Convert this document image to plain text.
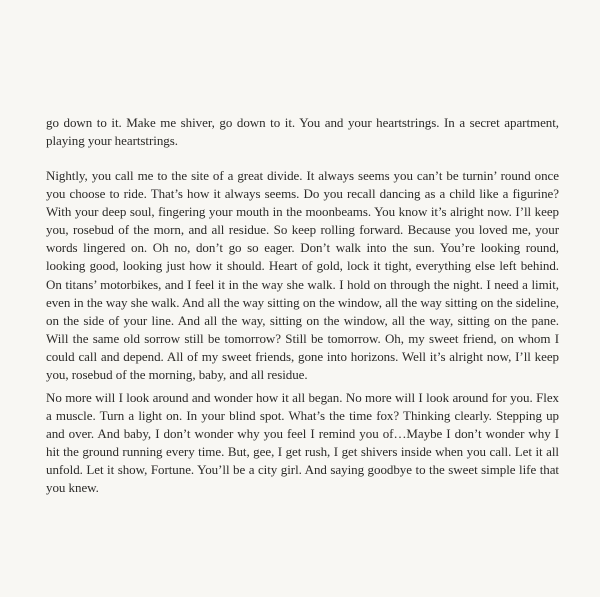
go down to it. Make me shiver, go down to it. You and your heartstrings. In a secret apartment, playing your heartstrings.

Nightly, you call me to the site of a great divide. It always seems you can’t be turnin’ round once you choose to ride. That’s how it always seems. Do you recall dancing as a child like a figurine? With your deep soul, fingering your mouth in the moonbeams. You know it’s alright now. I’ll keep you, rosebud of the morn, and all residue. So keep rolling forward. Because you loved me, your words lingered on. Oh no, don’t go so eager. Don’t walk into the sun. You’re looking round, looking good, looking just how it should. Heart of gold, lock it tight, everything else left behind. On titans’ motorbikes, and I feel it in the way she walk. I hold on through the night. I need a limit, even in the way she walk. And all the way sitting on the window, all the way sitting on the sideline, on the side of your line. And all the way, sitting on the window, all the way, sitting on the pane. Will the same old sorrow still be tomorrow? Still be tomorrow. Oh, my sweet friend, on whom I could call and depend. All of my sweet friends, gone into horizons. Well it’s alright now, I’ll keep you, rosebud of the morning, baby, and all residue.

No more will I look around and wonder how it all began. No more will I look around for you. Flex a muscle. Turn a light on. In your blind spot. What’s the time fox? Thinking clearly. Stepping up and over. And baby, I don’t wonder why you feel I remind you of…Maybe I don’t wonder why I hit the ground running every time. But, gee, I get rush, I get shivers inside when you call. Let it all unfold. Let it show, Fortune. You’ll be a city girl. And saying goodbye to the sweet simple life that you knew.
